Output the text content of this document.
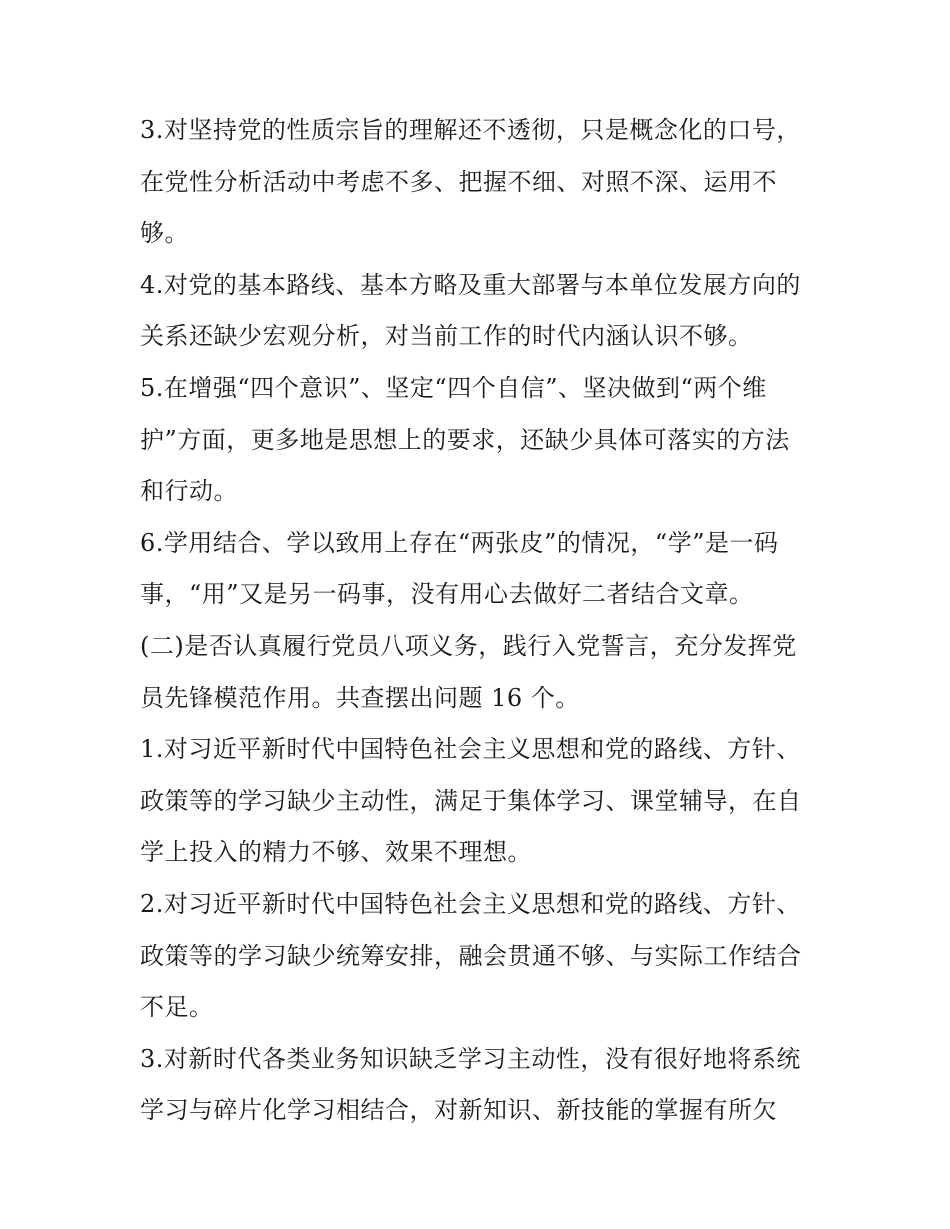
3.对坚持党的性质宗旨的理解还不透彻，只是概念化的口号，
在党性分析活动中考虑不多、把握不细、对照不深、运用不
够。
4.对党的基本路线、基本方略及重大部署与本单位发展方向的
关系还缺少宏观分析，对当前工作的时代内涵认识不够。
5.在增强“四个意识”、坚定“四个自信”、坚决做到“两个维
护”方面，更多地是思想上的要求，还缺少具体可落实的方法
和行动。
6.学用结合、学以致用上存在“两张皮”的情况，“学”是一码
事，“用”又是另一码事，没有用心去做好二者结合文章。
(二)是否认真履行党员八项义务，践行入党誓言，充分发挥党
员先锋模范作用。共查摆出问题 16 个。
1.对习近平新时代中国特色社会主义思想和党的路线、方针、
政策等的学习缺少主动性，满足于集体学习、课堂辅导，在自
学上投入的精力不够、效果不理想。
2.对习近平新时代中国特色社会主义思想和党的路线、方针、
政策等的学习缺少统筹安排，融会贯通不够、与实际工作结合
不足。
3.对新时代各类业务知识缺乏学习主动性，没有很好地将系统
学习与碎片化学习相结合，对新知识、新技能的掌握有所欠
